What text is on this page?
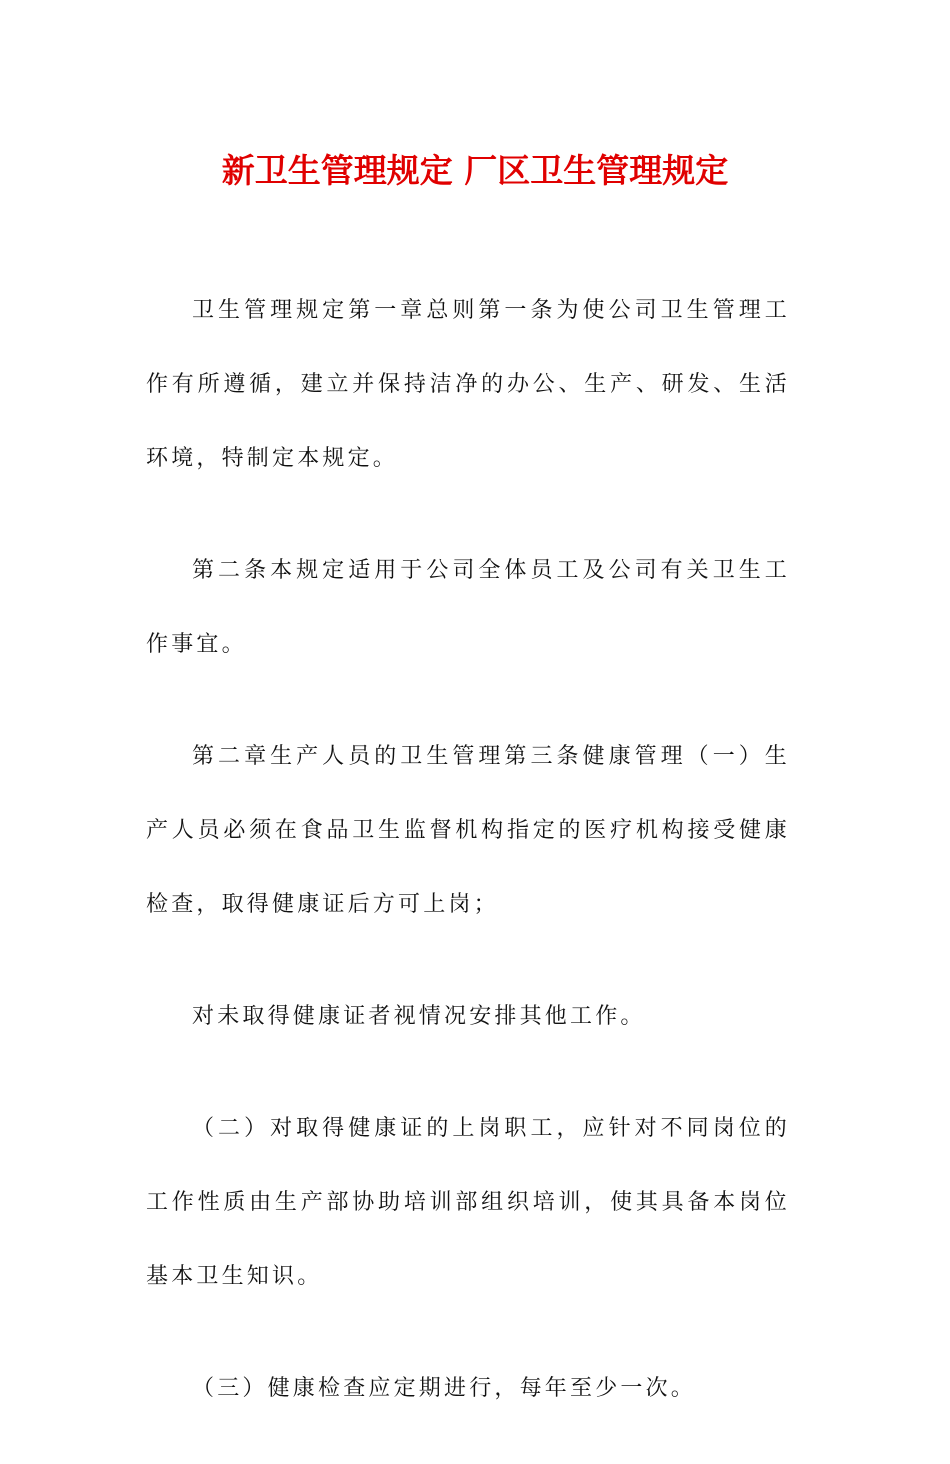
新卫生管理规定 厂区卫生管理规定

卫生管理规定第一章总则第一条为使公司卫生管理工作有所遵循，建立并保持洁净的办公、生产、研发、生活环境，特制定本规定。

第二条本规定适用于公司全体员工及公司有关卫生工作事宜。

第二章生产人员的卫生管理第三条健康管理（一）生产人员必须在食品卫生监督机构指定的医疗机构接受健康检查，取得健康证后方可上岗；

对未取得健康证者视情况安排其他工作。

（二）对取得健康证的上岗职工，应针对不同岗位的工作性质由生产部协助培训部组织培训，使其具备本岗位基本卫生知识。

（三）健康检查应定期进行，每年至少一次。
